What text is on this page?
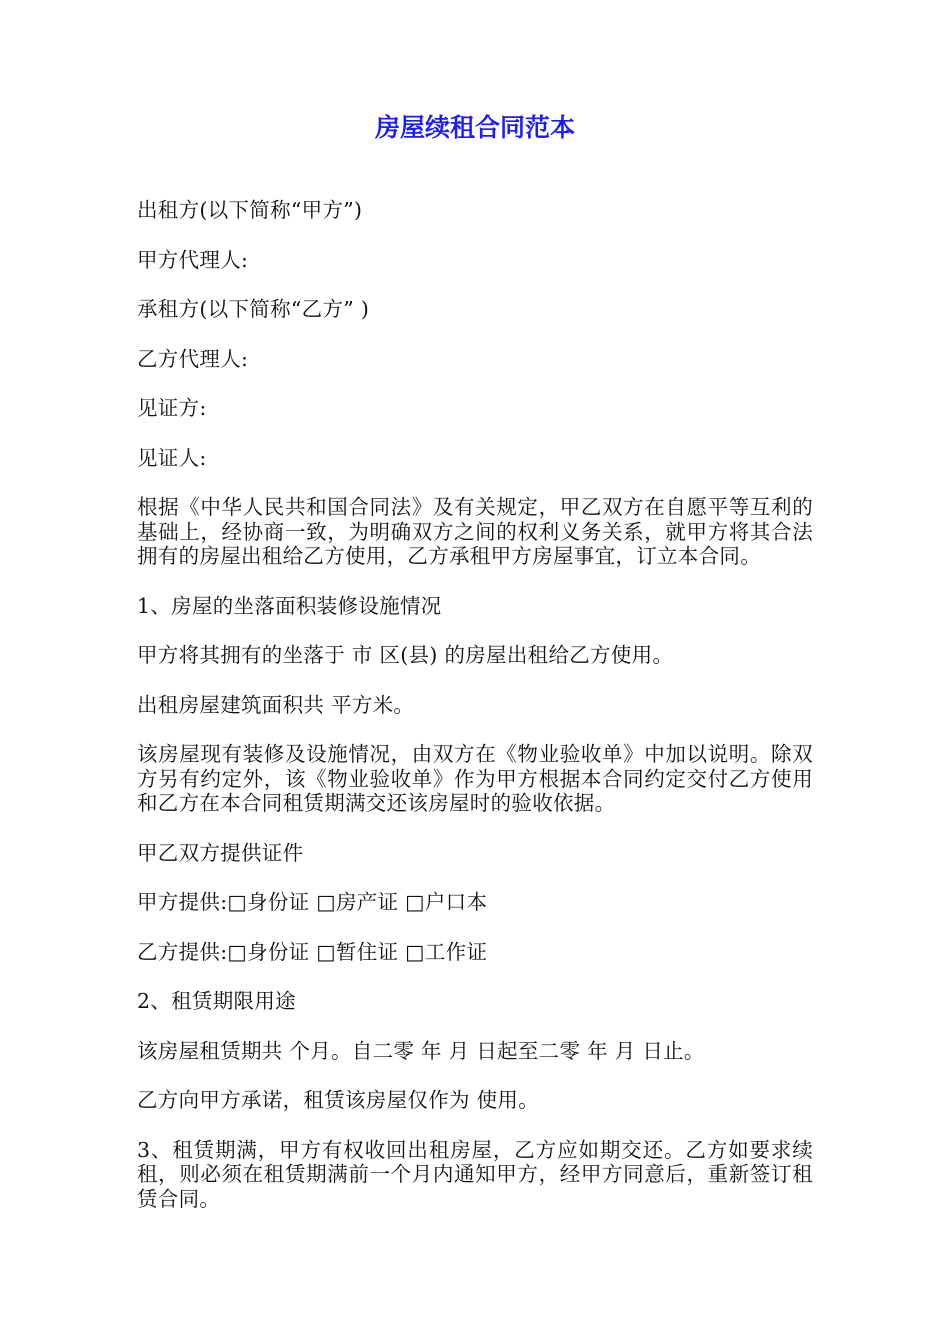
房屋续租合同范本

出租方(以下简称“甲方”)

甲方代理人:

承租方(以下简称“乙方” )

乙方代理人:

见证方:

见证人:

根据《中华人民共和国合同法》及有关规定，甲乙双方在自愿平等互利的基础上，经协商一致，为明确双方之间的权利义务关系，就甲方将其合法拥有的房屋出租给乙方使用，乙方承租甲方房屋事宜，订立本合同。

1、房屋的坐落面积装修设施情况

甲方将其拥有的坐落于 市 区(县) 的房屋出租给乙方使用。

出租房屋建筑面积共 平方米。

该房屋现有装修及设施情况，由双方在《物业验收单》中加以说明。除双方另有约定外，该《物业验收单》作为甲方根据本合同约定交付乙方使用和乙方在本合同租赁期满交还该房屋时的验收依据。

甲乙双方提供证件

甲方提供:□身份证 □房产证 □户口本

乙方提供:□身份证 □暂住证 □工作证

2、租赁期限用途

该房屋租赁期共 个月。自二零 年 月 日起至二零 年 月 日止。

乙方向甲方承诺，租赁该房屋仅作为 使用。

3、租赁期满，甲方有权收回出租房屋，乙方应如期交还。乙方如要求续租，则必须在租赁期满前一个月内通知甲方，经甲方同意后，重新签订租赁合同。
